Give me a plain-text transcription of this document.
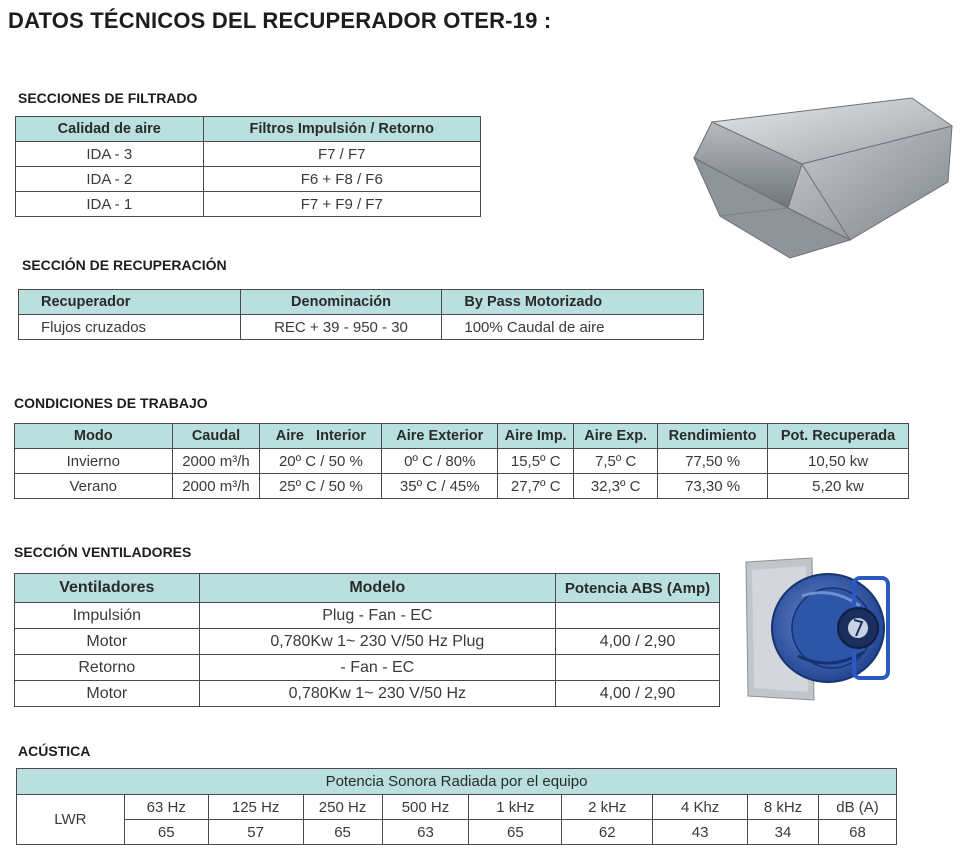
DATOS TÉCNICOS DEL RECUPERADOR OTER-19 :
SECCIONES DE FILTRADO
Calidad de aire	Filtros Impulsión / Retorno
IDA - 3	F7 / F7
IDA - 2	F6 + F8 / F6
IDA - 1	F7 + F9 / F7
SECCIÓN DE RECUPERACIÓN
Recuperador	Denominación	By Pass Motorizado
Flujos cruzados	REC + 39 - 950 - 30	100% Caudal de aire
CONDICIONES DE TRABAJO
Modo	Caudal	Aire   Interior	Aire Exterior	Aire Imp.	Aire Exp.	Rendimiento	Pot. Recuperada
Invierno	2000 m³/h	20º C / 50 %	0º C / 80%	15,5º C	7,5º C	77,50 %	10,50 kw
Verano	2000 m³/h	25º C / 50 %	35º C / 45%	27,7º C	32,3º C	73,30 %	5,20 kw
SECCIÓN VENTILADORES
Ventiladores	Modelo	Potencia ABS (Amp)
Impulsión	Plug - Fan - EC	
Motor	0,780Kw 1~ 230 V/50 Hz Plug	4,00 / 2,90
Retorno	- Fan - EC	
Motor	0,780Kw 1~ 230 V/50 Hz	4,00 / 2,90
ACÚSTICA
Potencia Sonora Radiada por el equipo									
LWR	63 Hz	125 Hz	250 Hz	500 Hz	1 kHz	2 kHz	4 Khz	8 kHz	dB (A)
	65	57	65	63	65	62	43	34	68
